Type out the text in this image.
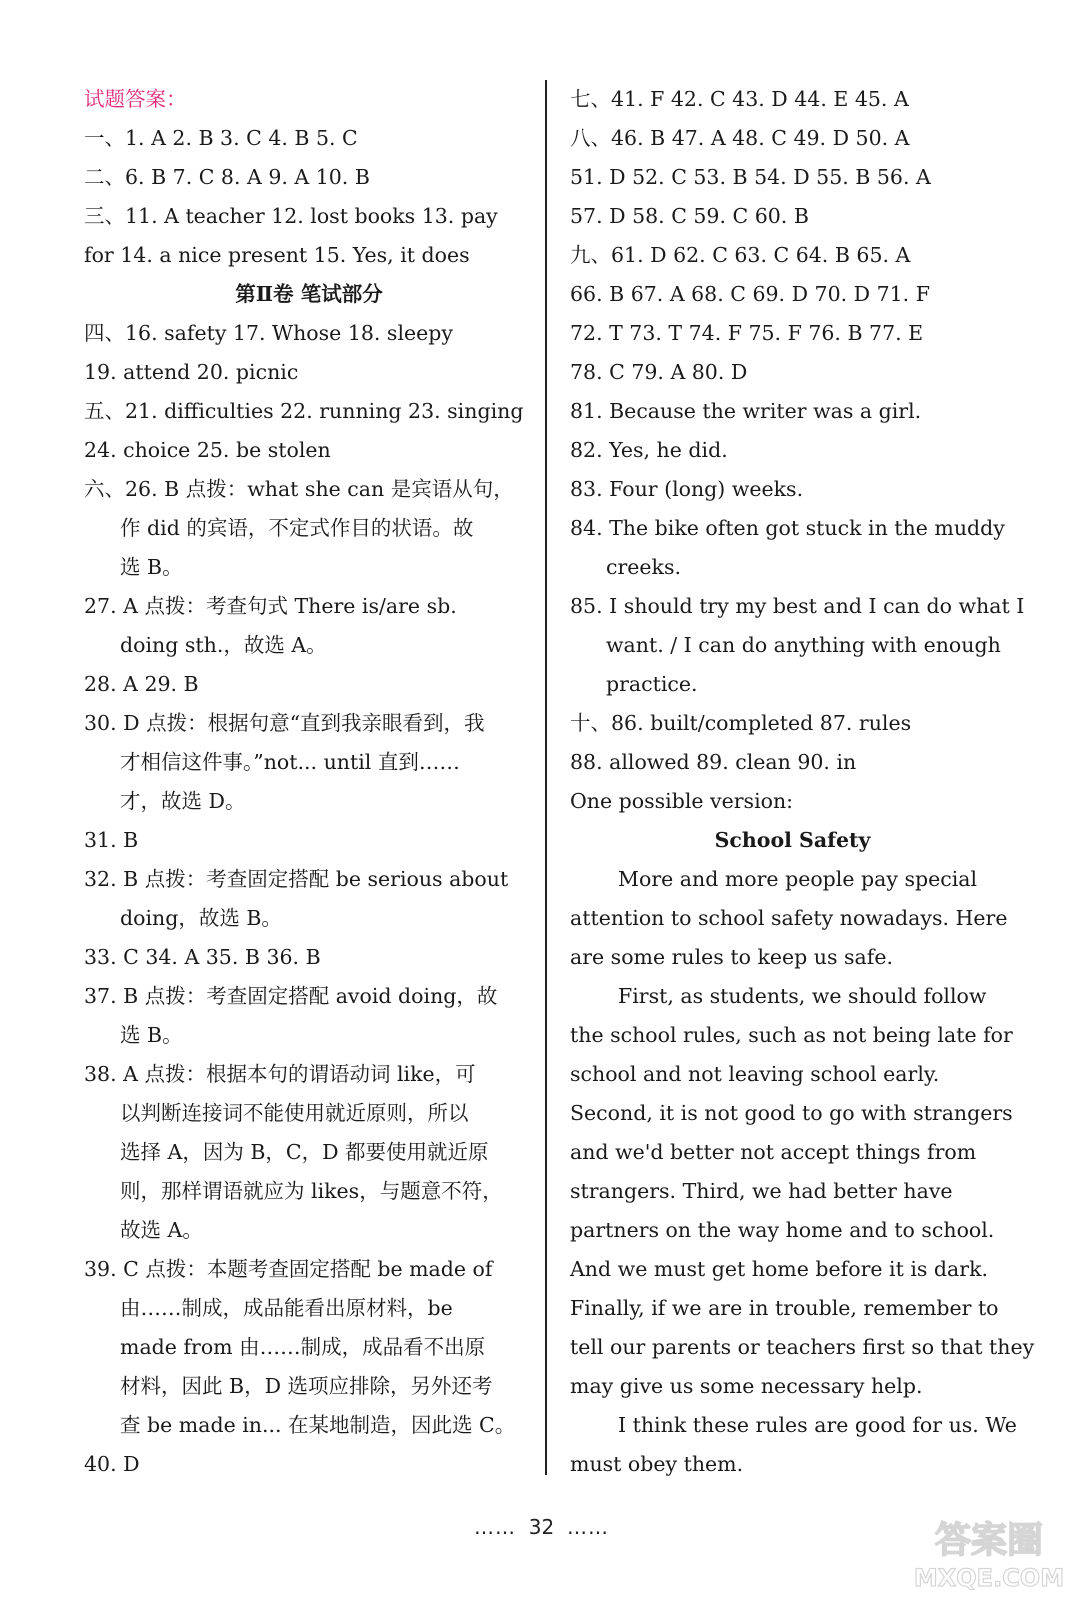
试题答案：
一、1. A 2. B 3. C 4. B 5. C
二、6. B 7. C 8. A 9. A 10. B
三、11. A teacher 12. lost books 13. pay
for 14. a nice present 15. Yes, it does
第Ⅱ卷 笔试部分
四、16. safety 17. Whose 18. sleepy
19. attend 20. picnic
五、21. difficulties 22. running 23. singing
24. choice 25. be stolen
六、26. B 点拨：what she can 是宾语从句，
作 did 的宾语，不定式作目的状语。故
选 B。
27. A 点拨：考查句式 There is/are sb.
doing sth.，故选 A。
28. A 29. B
30. D 点拨：根据句意“直到我亲眼看到，我
才相信这件事。”not... until 直到……
才，故选 D。
31. B
32. B 点拨：考查固定搭配 be serious about
doing，故选 B。
33. C 34. A 35. B 36. B
37. B 点拨：考查固定搭配 avoid doing，故
选 B。
38. A 点拨：根据本句的谓语动词 like，可
以判断连接词不能使用就近原则，所以
选择 A，因为 B，C，D 都要使用就近原
则，那样谓语就应为 likes，与题意不符，
故选 A。
39. C 点拨：本题考查固定搭配 be made of
由……制成，成品能看出原材料，be
made from 由……制成，成品看不出原
材料，因此 B，D 选项应排除，另外还考
查 be made in... 在某地制造，因此选 C。
40. D
七、41. F 42. C 43. D 44. E 45. A
八、46. B 47. A 48. C 49. D 50. A
51. D 52. C 53. B 54. D 55. B 56. A
57. D 58. C 59. C 60. B
九、61. D 62. C 63. C 64. B 65. A
66. B 67. A 68. C 69. D 70. D 71. F
72. T 73. T 74. F 75. F 76. B 77. E
78. C 79. A 80. D
81. Because the writer was a girl.
82. Yes, he did.
83. Four (long) weeks.
84. The bike often got stuck in the muddy
creeks.
85. I should try my best and I can do what I
want. / I can do anything with enough
practice.
十、86. built/completed 87. rules
88. allowed 89. clean 90. in
One possible version:
School Safety
More and more people pay special
attention to school safety nowadays. Here
are some rules to keep us safe.
First, as students, we should follow
the school rules, such as not being late for
school and not leaving school early.
Second, it is not good to go with strangers
and we'd better not accept things from
strangers. Third, we had better have
partners on the way home and to school.
And we must get home before it is dark.
Finally, if we are in trouble, remember to
tell our parents or teachers first so that they
may give us some necessary help.
I think these rules are good for us. We
must obey them.
…… 32 ……	答案圈
MXQE.COM
